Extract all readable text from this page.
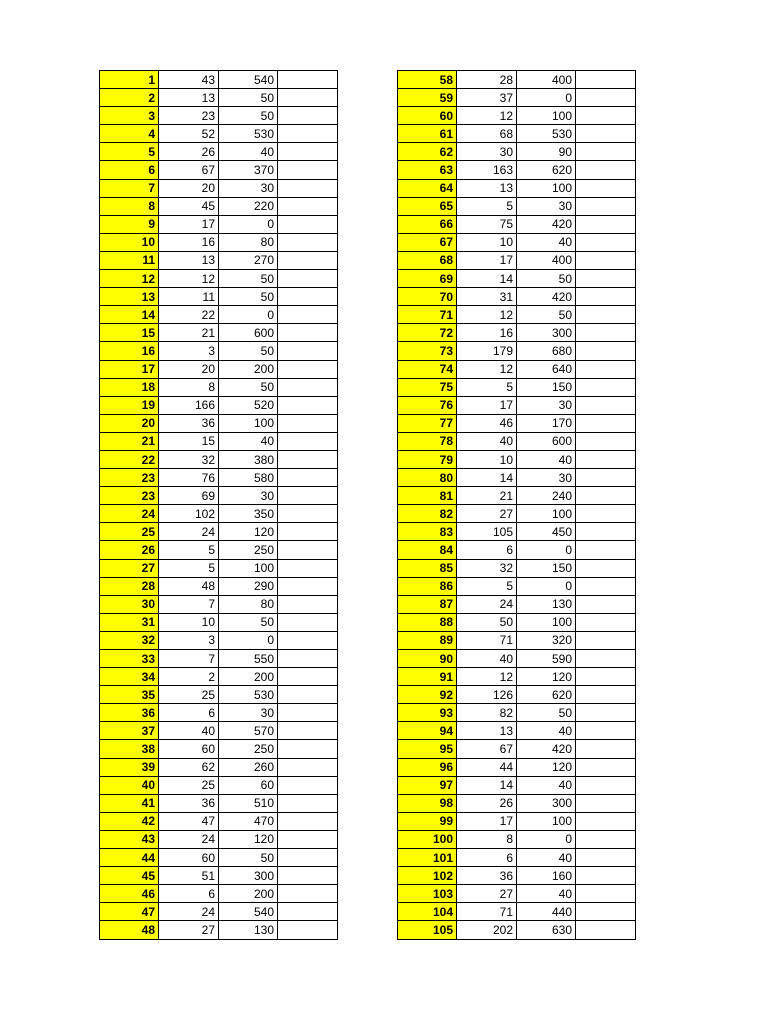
1	43	540	
2	13	50	
3	23	50	
4	52	530	
5	26	40	
6	67	370	
7	20	30	
8	45	220	
9	17	0	
10	16	80	
11	13	270	
12	12	50	
13	11	50	
14	22	0	
15	21	600	
16	3	50	
17	20	200	
18	8	50	
19	166	520	
20	36	100	
21	15	40	
22	32	380	
23	76	580	
23	69	30	
24	102	350	
25	24	120	
26	5	250	
27	5	100	
28	48	290	
30	7	80	
31	10	50	
32	3	0	
33	7	550	
34	2	200	
35	25	530	
36	6	30	
37	40	570	
38	60	250	
39	62	260	
40	25	60	
41	36	510	
42	47	470	
43	24	120	
44	60	50	
45	51	300	
46	6	200	
47	24	540	
48	27	130	
58	28	400	
59	37	0	
60	12	100	
61	68	530	
62	30	90	
63	163	620	
64	13	100	
65	5	30	
66	75	420	
67	10	40	
68	17	400	
69	14	50	
70	31	420	
71	12	50	
72	16	300	
73	179	680	
74	12	640	
75	5	150	
76	17	30	
77	46	170	
78	40	600	
79	10	40	
80	14	30	
81	21	240	
82	27	100	
83	105	450	
84	6	0	
85	32	150	
86	5	0	
87	24	130	
88	50	100	
89	71	320	
90	40	590	
91	12	120	
92	126	620	
93	82	50	
94	13	40	
95	67	420	
96	44	120	
97	14	40	
98	26	300	
99	17	100	
100	8	0	
101	6	40	
102	36	160	
103	27	40	
104	71	440	
105	202	630	
